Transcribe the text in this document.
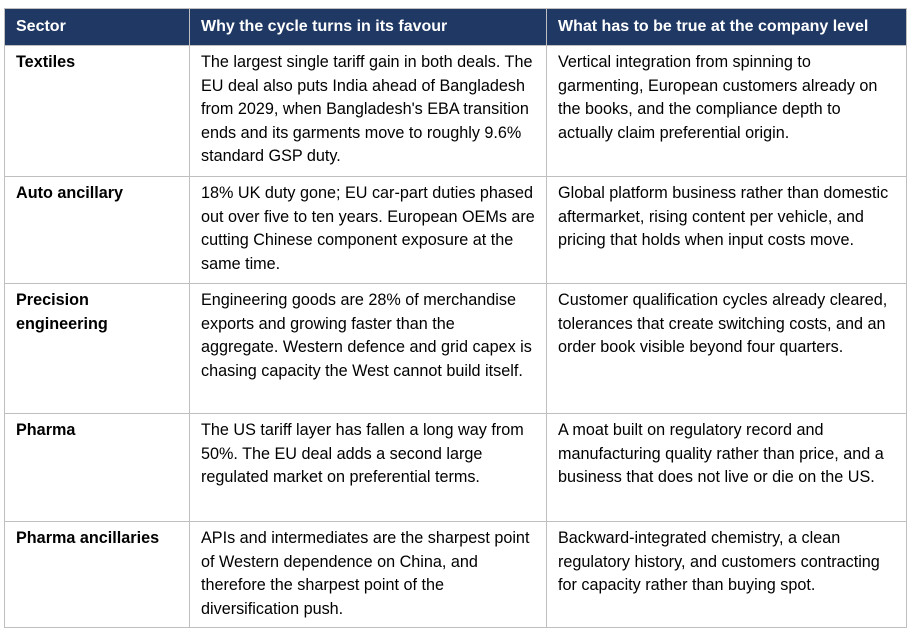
Sector	Why the cycle turns in its favour	What has to be true at the company level
Textiles	The largest single tariff gain in both deals. The EU deal also puts India ahead of Bangladesh from 2029, when Bangladesh's EBA transition ends and its garments move to roughly 9.6% standard GSP duty.	Vertical integration from spinning to garmenting, European customers already on the books, and the compliance depth to actually claim preferential origin.
Auto ancillary	18% UK duty gone; EU car-part duties phased out over five to ten years. European OEMs are cutting Chinese component exposure at the same time.	Global platform business rather than domestic aftermarket, rising content per vehicle, and pricing that holds when input costs move.
Precision engineering	Engineering goods are 28% of merchandise exports and growing faster than the aggregate. Western defence and grid capex is chasing capacity the West cannot build itself.	Customer qualification cycles already cleared, tolerances that create switching costs, and an order book visible beyond four quarters.
Pharma	The US tariff layer has fallen a long way from 50%. The EU deal adds a second large regulated market on preferential terms.	A moat built on regulatory record and manufacturing quality rather than price, and a business that does not live or die on the US.
Pharma ancillaries	APIs and intermediates are the sharpest point of Western dependence on China, and therefore the sharpest point of the diversification push.	Backward-integrated chemistry, a clean regulatory history, and customers contracting for capacity rather than buying spot.
